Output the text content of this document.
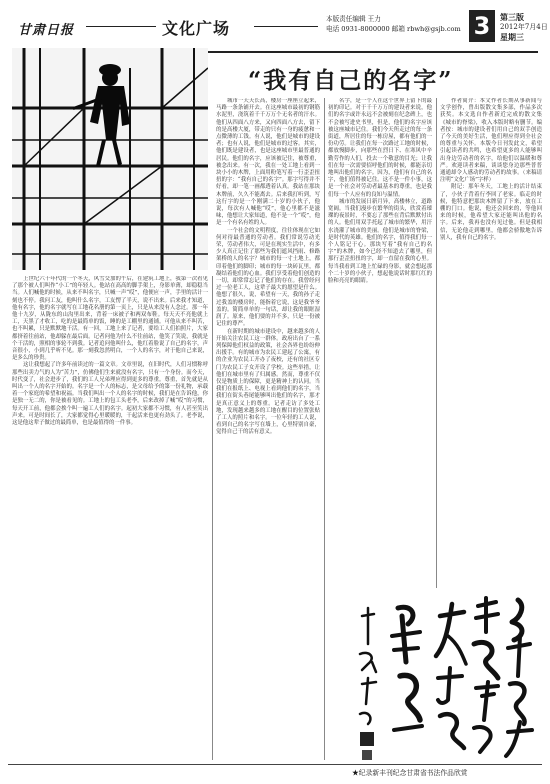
甘肃日报	文化广场	本版责任编辑 王力
电话 0931-8000000 邮箱 rbwh@gsjb.com 3	第三版
2012年7月4日
星期三
“我有自己的名字”

上世纪六十年代的一个冬天，风雪交加的午后，在建筑工地上，我第一次看见了那个被人们叫作“小工”的年轻人。他站在高高的脚手架上，身影单薄，却稳稳当当。人们喊他的时候，从来不叫名字，只喊一声“哎”，他便应一声，手里的活计一刻也不停。我问工友，他叫什么名字，工友愣了半天，说不出来。后来我才知道，他有名字，他的名字就写在工地花名册的第一页上，只是从来没有人念过。那一年他十九岁，从陇东的山沟里出来，背着一床被子和两双布鞋。每天天不亮他就上工，天黑了才收工，吃的是最简单的饭，睡的是工棚里的通铺。可他从来不叫苦，也不叫累，只是默默地干活。有一回，工地上来了记者，要给工人们拍照片，大家都挤着往前站，他却躲在最后面。记者问他为什么不往前站，他笑了笑说，我就是个干活的，照相的事轮不到我。记者追问他叫什么，他红着脸说了自己的名字，声音很小，小到几乎听不见。那一刻我忽然明白，一个人的名字，对于他自己来说，是多么的珍贵。

这让我想起了许多年前读过的一篇文章。文章里说，在旧时代，人们习惯称呼那些出卖力气的人为“苦力”，仿佛他们生来就没有名字，只有一个身份。而今天，时代变了，社会进步了，我们的工人兄弟理应得到更多的尊重。尊重，首先就是从叫出一个人的名字开始的。名字是一个人的标志，是父母给予的第一份礼物，承载着一个家庭的希望和祝福。当我们叫出一个人的名字的时候，我们是在告诉他，你是独一无二的，你是被看见的。工地上的包工头老李，后来改掉了喊“哎”的习惯，每天开工前，他都会挨个叫一遍工人们的名字。起初大家都不习惯，有人甚至笑出声来。可是时间长了，大家都觉得心里暖暖的，干起活来也更有劲头了。老李说，这是他这辈子做过的最简单，也是最值得的一件事。

城市一天天长高，楼房一座座立起来，马路一条条铺开去。在这座城市最初的钢筋水泥里，浇筑着千千万万个无名者的汗水。他们从四面八方来，又向四面八方去，留下的是高楼大厦，带走的只有一身的疲惫和一点微薄的工钱。有人说，他们是城市的建设者；也有人说，他们是城市的过客。其实，他们既是建设者，也是这座城市里最普通的居民。他们的名字，应该被记住，被尊重，被念出来。有一次，我在一处工地上看到一块小小的木牌，上面用粉笔写着一行歪歪扭扭的字：“我有自己的名字”。那字写得并不好看，却一笔一画都透着认真。我站在那块木牌前，久久不能离去。后来我打听到，写这行字的是一个刚满二十岁的小伙子，他说，每次有人喊他“哎”，他心里都不是滋味，他想让大家知道，他不是一个“哎”，他是一个有名有姓的人。

一个社会的文明程度，往往体现在它如何对待最普通的劳动者。我们常说劳动光荣，劳动者伟大，可是在现实生活中，有多少人真正记住了那些为我们遮风挡雨、修路架桥的人的名字？城市的每一寸土地上，都印着他们的脚印；城市的每一块砖瓦里，都凝结着他们的心血。我们享受着他们创造的一切，却常常忘记了他们的存在。我曾经问过一位老工人，这辈子最大的愿望是什么。他想了很久，说，希望有一天，我的孙子走过我盖的楼房时，能指着它说，这是我爷爷盖的。简简单单的一句话，却让我的眼眶湿润了。原来，他们要的并不多，只是一份被记住的尊严。

在新时期的城市建设中，越来越多的人开始关注农民工这一群体。政府出台了一系列保障他们权益的政策，社会各界也纷纷伸出援手。有的城市为农民工建起了公寓，有的企业为农民工开办了夜校，还有的社区专门为农民工子女开设了学校。这些举措，让他们在城市里有了归属感。然而，尊重不仅仅是物质上的保障，更是精神上的认同。当我们在报纸上、电视上看到他们的名字，当我们在街头巷尾能够叫出他们的名字，那才是真正意义上的尊重。记者走访了多处工地，发现越来越多的工地在醒目的位置张贴了工人的照片和名字。一位年轻的工人说，看到自己的名字写在墙上，心里特别自豪，觉得自己干的活有意义。

名字，是一个人在这个世界上留下的最初的印记。对于千千万万的建设者来说，他们的名字或许永远不会被刻在纪念碑上，也不会被写进史书里，但是，他们的名字应该被这座城市记住。我们今天所走过的每一条街道，所居住的每一栋房屋，都有他们的一份功劳。让我们在每一次路过工地的时候，都放慢脚步，向那些在烈日下、在寒风中辛勤劳作的人们，投去一个敬意的目光；让我们在每一次需要招呼他们的时候，都能亲切地叫出他们的名字。因为，他们有自己的名字，他们值得被记住。这不是一件小事，这是一个社会对劳动者最基本的尊重，也是我们每一个人应有的良知与温情。

城市的发展日新月异，高楼林立，道路宽阔。当我们漫步在繁华的街头，欣赏着璀璨的夜景时，不要忘了那些在背后默默付出的人。他们用双手托起了城市的繁华，用汗水浇灌了城市的美丽。他们是城市的脊梁，是时代的英雄。他们的名字，值得我们每一个人铭记于心。那块写着“我有自己的名字”的木牌，如今已经不知道去了哪里，但那行歪歪扭扭的字，却一直留在我的心里。每当我看到工地上忙碌的身影，就会想起那个二十岁的小伙子，想起他说话时那红红的脸和亮亮的眼睛。

作者简介：本文作者长期从事新闻与文学创作，曾出版散文集多部，作品多次获奖。本文选自作者新近完成的散文集《城市的脊梁》，收入本版时略有删节。编者按：城市的建设者们用自己的双手创造了今天的美好生活，他们理应得到全社会的尊重与关怀。本版今日刊发此文，希望引起读者的共鸣，也希望更多的人能够叫出身边劳动者的名字，给他们以温暖和尊严。欢迎读者来稿，谈谈您身边那些普普通通却令人感动的劳动者的故事。（来稿请注明“文化广场”字样）

附记：那年冬天，工地上的活计结束了，小伙子背着行李回了老家。临走的时候，他特意把那块木牌留了下来，放在工棚的门口。他说，他还会回来的，等他回来的时候，他希望大家还能叫出他的名字。后来，我再也没有见过他。但是我相信，无论他走到哪里，他都会骄傲地告诉别人，我有自己的名字。

★纪录新丰刊纪念甘肃省书法作品欣赏
